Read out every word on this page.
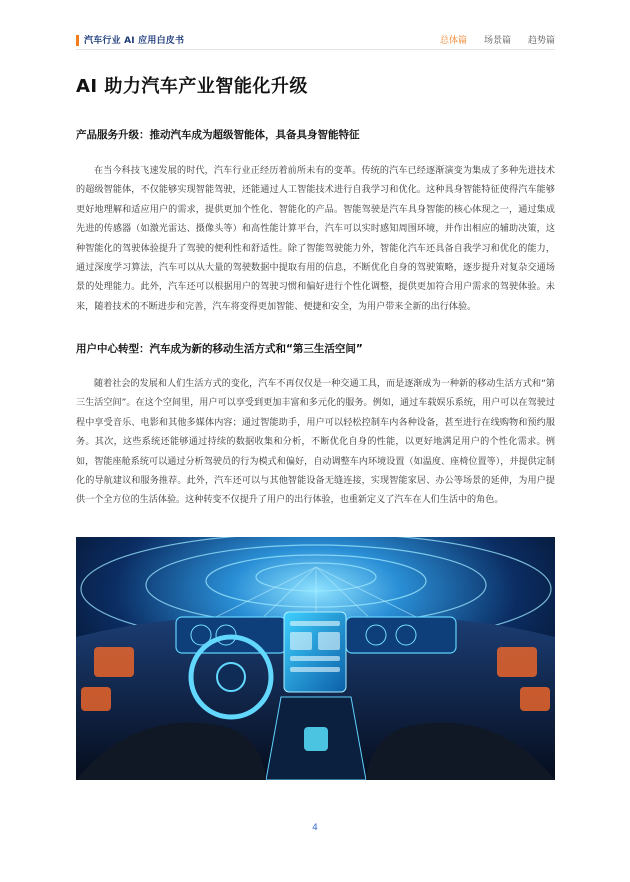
汽车行业 AI 应用白皮书	总体篇 场景篇 趋势篇
AI 助力汽车产业智能化升级
产品服务升级：推动汽车成为超级智能体，具备具身智能特征

在当今科技飞速发展的时代，汽车行业正经历着前所未有的变革。传统的汽车已经逐渐演变为集成了多种先进技术的超级智能体，不仅能够实现智能驾驶，还能通过人工智能技术进行自我学习和优化。这种具身智能特征使得汽车能够更好地理解和适应用户的需求，提供更加个性化、智能化的产品。智能驾驶是汽车具身智能的核心体现之一，通过集成先进的传感器（如激光雷达、摄像头等）和高性能计算平台，汽车可以实时感知周围环境，并作出相应的辅助决策，这种智能化的驾驶体验提升了驾驶的便利性和舒适性。除了智能驾驶能力外，智能化汽车还具备自我学习和优化的能力，通过深度学习算法，汽车可以从大量的驾驶数据中提取有用的信息，不断优化自身的驾驶策略，逐步提升对复杂交通场景的处理能力。此外，汽车还可以根据用户的驾驶习惯和偏好进行个性化调整，提供更加符合用户需求的驾驶体验。未来，随着技术的不断进步和完善，汽车将变得更加智能、便捷和安全，为用户带来全新的出行体验。

用户中心转型：汽车成为新的移动生活方式和“第三生活空间”

随着社会的发展和人们生活方式的变化，汽车不再仅仅是一种交通工具，而是逐渐成为一种新的移动生活方式和“第三生活空间”。在这个空间里，用户可以享受到更加丰富和多元化的服务。例如，通过车载娱乐系统，用户可以在驾驶过程中享受音乐、电影和其他多媒体内容；通过智能助手，用户可以轻松控制车内各种设备，甚至进行在线购物和预约服务。其次，这些系统还能够通过持续的数据收集和分析，不断优化自身的性能，以更好地满足用户的个性化需求。例如，智能座舱系统可以通过分析驾驶员的行为模式和偏好，自动调整车内环境设置（如温度、座椅位置等），并提供定制化的导航建议和服务推荐。此外，汽车还可以与其他智能设备无缝连接，实现智能家居、办公等场景的延伸，为用户提供一个全方位的生活体验。这种转变不仅提升了用户的出行体验，也重新定义了汽车在人们生活中的角色。

4
